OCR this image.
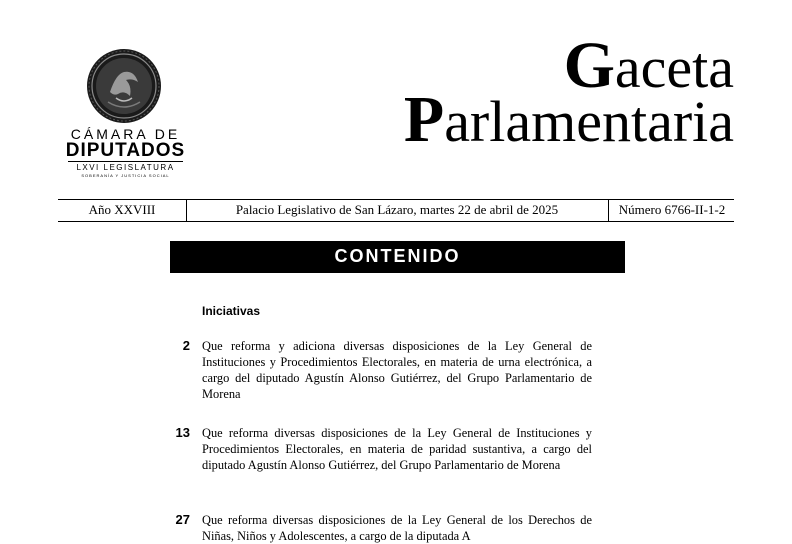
CÁMARA DE
DIPUTADOS
LXVI LEGISLATURA
SOBERANÍA Y JUSTICIA SOCIAL
Gaceta
Parlamentaria
Año XXVIII	Palacio Legislativo de San Lázaro, martes 22 de abril de 2025	Número 6766-II-1-2
CONTENIDO
Iniciativas
2 Que reforma y adiciona diversas disposiciones de la Ley General de Instituciones y Procedimientos Electorales, en materia de urna electrónica, a cargo del diputado Agustín Alonso Gutiérrez, del Grupo Parlamentario de Morena

13 Que reforma diversas disposiciones de la Ley General de Instituciones y Procedimientos Electorales, en materia de paridad sustantiva, a cargo del diputado Agustín Alonso Gutiérrez, del Grupo Parlamentario de Morena

27 Que reforma diversas disposiciones de la Ley General de los Derechos de Niñas, Niños y Adolescentes, a cargo de la diputada A
